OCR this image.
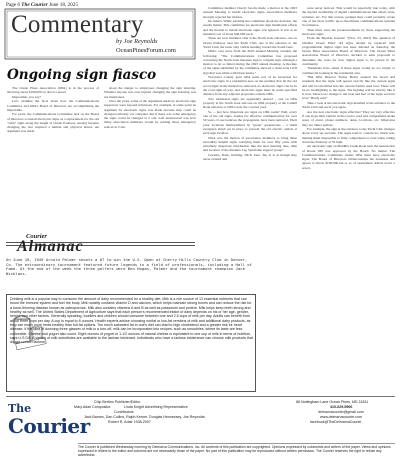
Page 6 The Courier June 18, 2025
Commentary
by Joe Reynolds
OceanPinesForum.com
Ongoing sign fiasco

The Ocean Pines Association (OPA) is in the process of throwing about $100,000 on down a sewer.

Impossible, you say?

Let's examine the facts about how the Communications Committee and OPA's Board of Directors are accomplishing the impossible.

For years, the Communications Committee beat on the Board of Directors to install electronic signs as a replacement for the old "stick" signs along the length of Ocean Parkway. Analog because changing the text required a human and physical letters. An argument was made

about the danger to employees changing the sign lettering. Whether anyone was ever injured changing the sign lettering was not mentioned.

Over the years, some of the arguments made by electronic sign supporters were beyond ridiculous. For example, at some point an argument for electronic signs was made because they could be changed remotely via computer and if there was some emergency the signs could be changed at 2 a.m. Left unanswered was how many association members would be reading those emergency notices at 2 am.

Committee member Cheryl Jacobs made a motion at the 2023 Annual Meeting to install electronic signs. Association members strongly rejected her motion.

No matter. While advising the committee about the decision, the results matter. This committee for electronic sign installation efforts and the motion to install electronic signs was ignored. It was at an installed cost of about $40,000 each.

Three are now installed. One at the North Gate entrance, one on Ocean Parkway near the Yacht Club, one at the entrance to the Yacht Club, the latter only visible heading toward the South Gate.

OPA's own news from the 2023 Annual Meeting contains the following: "The Communications Committee has proposed converting the North Gate marquee sign to a digital sign, although a motion to do so failed during the 2023 annual meeting. A mockup of the signs submitted by the committee showed a clean-look LED sign that was white with black letters."

Worcester County gave OPA some sort of an exception for electronic signs in a residential area on the premise that all the old wood signs in the median be removed, no electronic signs can be in the road right-of-way, and electronic signs must be some specified distance from any adjacent properties outside OPA.

Two additional signs are apparently desired – one on OPA property at the South Gate and one on OPA property at the Cathell Road entrance to OPA's near the covered pool.

So ... just how important are signs on OPA roads? Well, every one of the old signs, staples for effective communication for over 50 years, if one believes the propaganda, have been removed. Their prior locations memorialized by "green" greenstones – a small evergreen shrub set in place to prevent the old electric outlets at each sign location.

What was the motion of association members to bring these incredibly helpful signs, notifying them for over fifty years with extremely important information like the next meeting date, time and location of the Restless Leg Syndrome support group?

Crickets. Nada. Nothing. Zilch. Zero. Zip. It is as though they never existed and

were never noticed. This would be especially true today, with the myriad availability of digital communications like email, texts, websites, etc. For that reason, perhaps they could probably create one of the most terrific up-to-the-minute communications systems in existence.

Then there were the pronouncements by those supporting the electronic signs.

From the Bayside Gazette: "(Nov. 23, 2023) The question of whether Ocean Pines' old signs should be replaced with programmable digital signs has been debated on Saturday, the Ocean Pines Association Board of Directors. The Ocean Pines Association Board of Directors decided to seek proposals to determine the costs for four digital signs to be placed in the community.

"Residents have asked if these signs would be too bright or commercial looking in the residential area.

"But OPA Director Elaine Brady assured the board and residents that the signs will appear exactly like the current signs and will be retrofitted into the current frames used now. There will be no backlighting to the signs. The lighting will be exactly like it is now. There is no change to the look and feel of the signs we have now," Brady said."

Take a look at the electronic sign installed at the entrance to the Yacht Club and see if you agree.

Are the new electronic signs effective? They are very effective if one stops their vehicle in the road to read and comprehend, make notes of event, phone numbers, dates, locations, etc. Otherwise they are rather useless.

For example, the sign at the entrance to the Yacht Club changes about every six seconds. The signs tend to contain too much text, making them impossible to fully comprehend or read when rolling down the Parkway at 35 mph.

An electronic sign on Manklin Creek Road near the intersection of Route 589 was approved by the Board. No matter. The Communications Committee insists OPA must have electronic signs. The Board of Directors rubber-stamps the nonsense and agrees to throw $100,000-ish or so of assessment dollars down a sewer.

Courier
Almanac
On June 18, 1949 Arnold Palmer shoots a 67 to win the U.S. Open at Cherry Hills Country Club in Denver, Co. The extraordinary tournament featured future legends in a field of professionals, including a Hall of Fame. At the end of the week the three golfers were Ben Hogan, Palmer and the tournament champion Jack Nicklaus.
Drinking milk is a popular way to consume the amount of dairy recommended for a healthy diet. Milk is a rich source of 13 essential nutrients that can boost the immune system and fuel the body. Milk notably contains vitamin D and calcium, which helps maintain strong bones and can reduce the risk for a bone-thinning disease known as osteoporosis. Milk also contains vitamins A and B as well as potassium and protein. Milk helps keep teeth strong and healthy as well. The United States Department of Agriculture says that each person's recommended intake of dairy depends on his or her age, gender, height, and other factors. Generally speaking, toddlers and children should consume between one and 2.5 cups of milk per day. Adults can benefit from about three cups per day. A cup is equal to 8 ounces. Health experts advise choosing nonfat or low-fat versions of milk and additional dairy products, as they are much more heart-healthy than full-fat options. Too much saturated fat in one's diet can lead to high cholesterol and a greater risk for heart disease. If the idea of downing three glasses of milk is a turn-off, milk can be incorporated into recipes, such as smoothies, where its taste are less noticeable. Cheese and yogurt also count. Eight ounces of yogurt or 1-1/2 ounces of natural cheese is equivalent to one cup of milk in terms of nutrition, says U.S.DA. A variety of milk substitutes are available to the lactose intolerant. Individuals who have a lactose intolerance can choose milk products that do not contain lactose.
The
Courier
Chip Bertino Publisher/Editor
Mary Adair Compositor	Linda Knight Advertising Representative
Contributors
Jack Barnes, Dan Collins, Ralph Kerner, Douglas Hennessey, Joe Reynolds
Robert R. Adair 1938-2007
86 Nottingham Lane Ocean Pines, MD 21811
410-629-5906
delmarvacourier@gmail.com
www.delmarvacourier.com
facebook@TheDelmarvaCourier
The Courier is published Wednesday morning by Delmarva Communications, Inc. All contents of this publication are copyrighted. Opinions expressed by columnists and writers of the paper. Views and opinions expressed in letters to the editor and columns are not necessarily those of the paper. No part of this publication may be reproduced without written permission. The Courier reserves the right to refuse any advertising.
